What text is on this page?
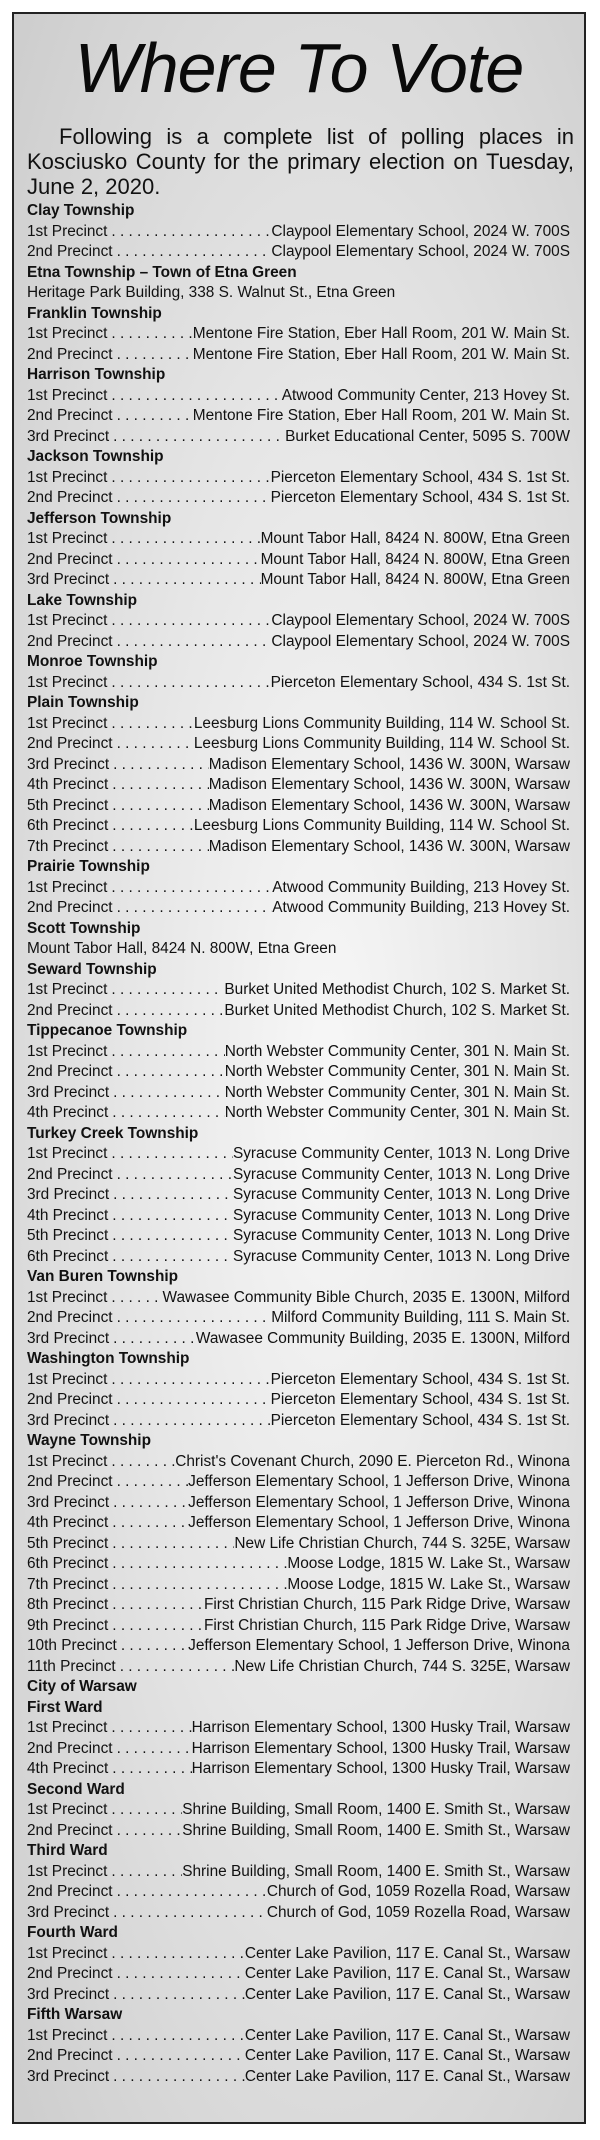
Where To Vote

Following is a complete list of polling places in Kosciusko County for the primary election on Tuesday, June 2, 2020.

Clay Township
1st Precinct . . .	Claypool Elementary School, 2024 W. 700S
2nd Precinct . . .	Claypool Elementary School, 2024 W. 700S
Etna Township – Town of Etna Green
Heritage Park Building, 338 S. Walnut St., Etna Green
Franklin Township
1st Precinct . . .	Mentone Fire Station, Eber Hall Room, 201 W. Main St.
2nd Precinct . . .	Mentone Fire Station, Eber Hall Room, 201 W. Main St.
Harrison Township
1st Precinct . . .	Atwood Community Center, 213 Hovey St.
2nd Precinct . . .	Mentone Fire Station, Eber Hall Room, 201 W. Main St.
3rd Precinct . . .	Burket Educational Center, 5095 S. 700W
Jackson Township
1st Precinct . . .	Pierceton Elementary School, 434 S. 1st St.
2nd Precinct . . .	Pierceton Elementary School, 434 S. 1st St.
Jefferson Township
1st Precinct . . .	Mount Tabor Hall, 8424 N. 800W, Etna Green
2nd Precinct . . .	Mount Tabor Hall, 8424 N. 800W, Etna Green
3rd Precinct . . .	Mount Tabor Hall, 8424 N. 800W, Etna Green
Lake Township
1st Precinct . . .	Claypool Elementary School, 2024 W. 700S
2nd Precinct . . .	Claypool Elementary School, 2024 W. 700S
Monroe Township
1st Precinct . . .	Pierceton Elementary School, 434 S. 1st St.
Plain Township
1st Precinct . . .	Leesburg Lions Community Building, 114 W. School St.
2nd Precinct . . .	Leesburg Lions Community Building, 114 W. School St.
3rd Precinct . . .	Madison Elementary School, 1436 W. 300N, Warsaw
4th Precinct . . .	Madison Elementary School, 1436 W. 300N, Warsaw
5th Precinct . . .	Madison Elementary School, 1436 W. 300N, Warsaw
6th Precinct . . .	Leesburg Lions Community Building, 114 W. School St.
7th Precinct . . .	Madison Elementary School, 1436 W. 300N, Warsaw
Prairie Township
1st Precinct . . .	Atwood Community Building, 213 Hovey St.
2nd Precinct . . .	Atwood Community Building, 213 Hovey St.
Scott Township
Mount Tabor Hall, 8424 N. 800W, Etna Green
Seward Township
1st Precinct . . .	Burket United Methodist Church, 102 S. Market St.
2nd Precinct . . .	Burket United Methodist Church, 102 S. Market St.
Tippecanoe Township
1st Precinct . . .	North Webster Community Center, 301 N. Main St.
2nd Precinct . . .	North Webster Community Center, 301 N. Main St.
3rd Precinct . . .	North Webster Community Center, 301 N. Main St.
4th Precinct . . .	North Webster Community Center, 301 N. Main St.
Turkey Creek Township
1st Precinct . . .	Syracuse Community Center, 1013 N. Long Drive
2nd Precinct . . .	Syracuse Community Center, 1013 N. Long Drive
3rd Precinct . . .	Syracuse Community Center, 1013 N. Long Drive
4th Precinct . . .	Syracuse Community Center, 1013 N. Long Drive
5th Precinct . . .	Syracuse Community Center, 1013 N. Long Drive
6th Precinct . . .	Syracuse Community Center, 1013 N. Long Drive
Van Buren Township
1st Precinct . . .	Wawasee Community Bible Church, 2035 E. 1300N, Milford
2nd Precinct . . .	Milford Community Building, 111 S. Main St.
3rd Precinct . . .	Wawasee Community Building, 2035 E. 1300N, Milford
Washington Township
1st Precinct . . .	Pierceton Elementary School, 434 S. 1st St.
2nd Precinct . . .	Pierceton Elementary School, 434 S. 1st St.
3rd Precinct . . .	Pierceton Elementary School, 434 S. 1st St.
Wayne Township
1st Precinct . . .	Christ's Covenant Church, 2090 E. Pierceton Rd., Winona
2nd Precinct . . .	Jefferson Elementary School, 1 Jefferson Drive, Winona
3rd Precinct . . .	Jefferson Elementary School, 1 Jefferson Drive, Winona
4th Precinct . . .	Jefferson Elementary School, 1 Jefferson Drive, Winona
5th Precinct . . .	New Life Christian Church, 744 S. 325E, Warsaw
6th Precinct . . .	Moose Lodge, 1815 W. Lake St., Warsaw
7th Precinct . . .	Moose Lodge, 1815 W. Lake St., Warsaw
8th Precinct . . .	First Christian Church, 115 Park Ridge Drive, Warsaw
9th Precinct . . .	First Christian Church, 115 Park Ridge Drive, Warsaw
10th Precinct . . .	Jefferson Elementary School, 1 Jefferson Drive, Winona
11th Precinct . . .	New Life Christian Church, 744 S. 325E, Warsaw
City of Warsaw
First Ward
1st Precinct . . .	Harrison Elementary School, 1300 Husky Trail, Warsaw
2nd Precinct . . .	Harrison Elementary School, 1300 Husky Trail, Warsaw
4th Precinct . . .	Harrison Elementary School, 1300 Husky Trail, Warsaw
Second Ward
1st Precinct . . .	Shrine Building, Small Room, 1400 E. Smith St., Warsaw
2nd Precinct . . .	Shrine Building, Small Room, 1400 E. Smith St., Warsaw
Third Ward
1st Precinct . . .	Shrine Building, Small Room, 1400 E. Smith St., Warsaw
2nd Precinct . . .	Church of God, 1059 Rozella Road, Warsaw
3rd Precinct . . .	Church of God, 1059 Rozella Road, Warsaw
Fourth Ward
1st Precinct . . .	Center Lake Pavilion, 117 E. Canal St., Warsaw
2nd Precinct . . .	Center Lake Pavilion, 117 E. Canal St., Warsaw
3rd Precinct . . .	Center Lake Pavilion, 117 E. Canal St., Warsaw
Fifth Warsaw
1st Precinct . . .	Center Lake Pavilion, 117 E. Canal St., Warsaw
2nd Precinct . . .	Center Lake Pavilion, 117 E. Canal St., Warsaw
3rd Precinct . . .	Center Lake Pavilion, 117 E. Canal St., Warsaw
